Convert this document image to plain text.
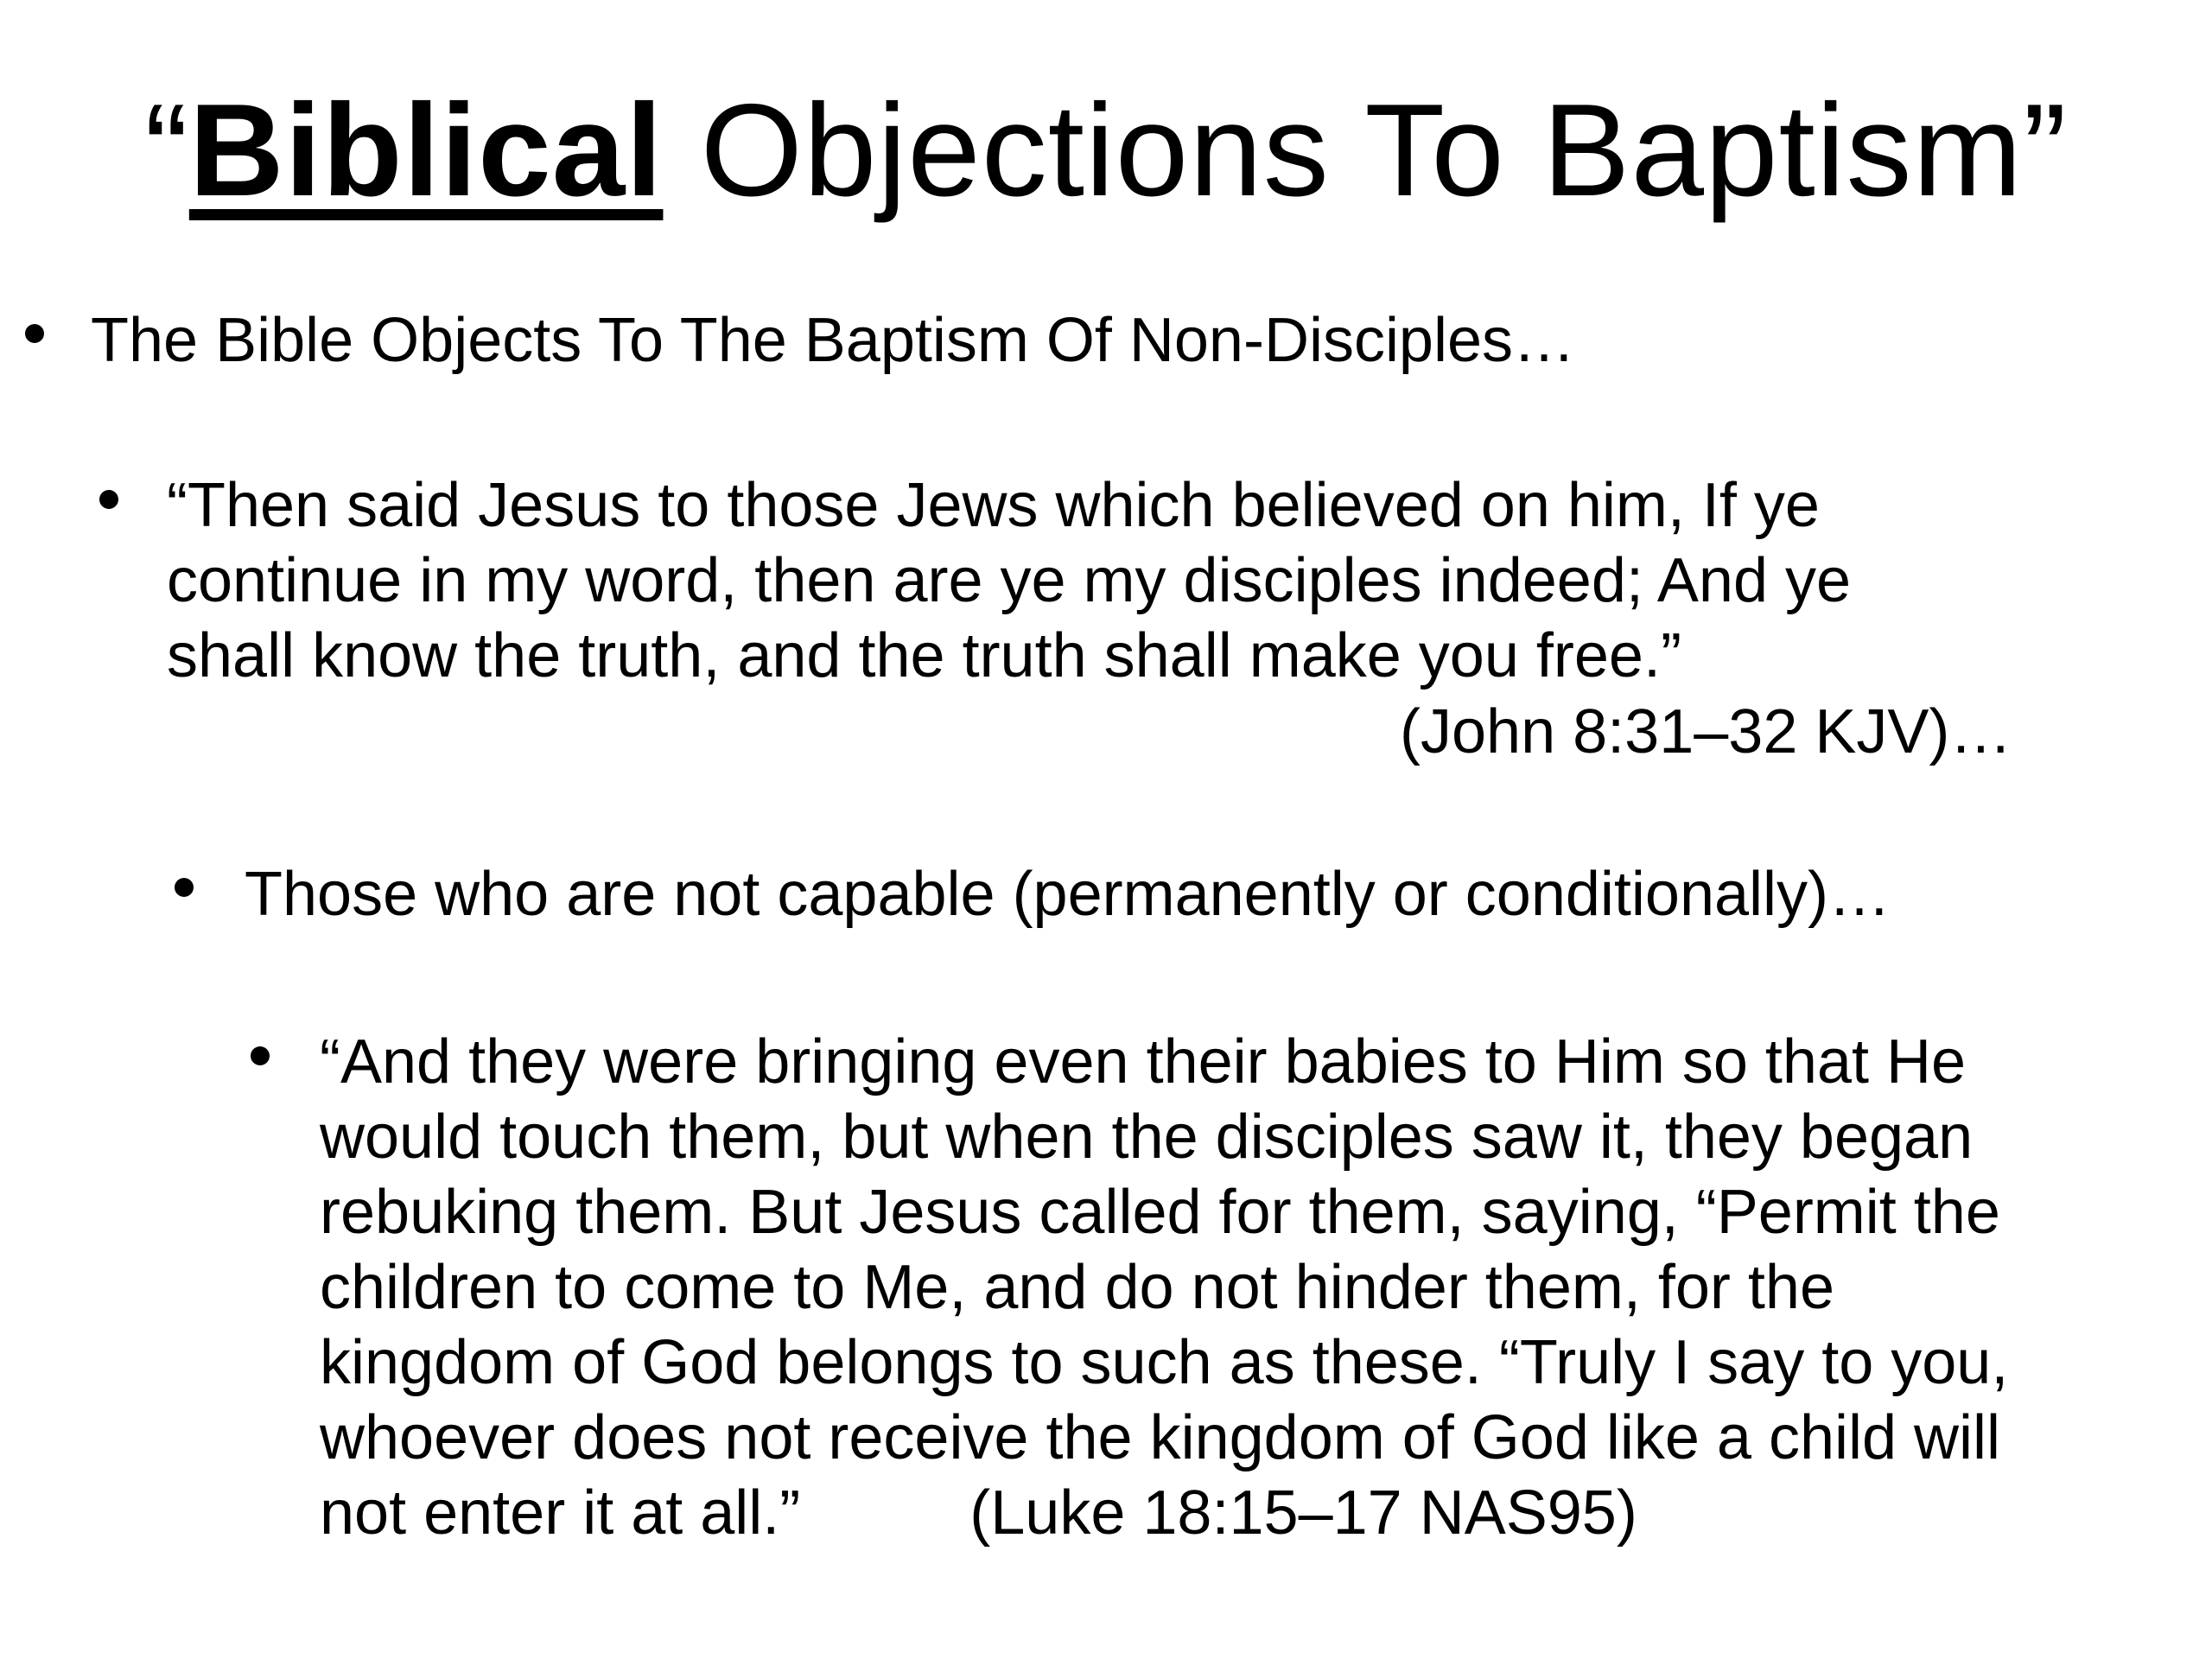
“Biblical Objections To Baptism”
The Bible Objects To The Baptism Of Non-Disciples…
“Then said Jesus to those Jews which believed on him, If ye
continue in my word, then are ye my disciples indeed; And ye
shall know the truth, and the truth shall make you free.”
(John 8:31–32 KJV)…
Those who are not capable (permanently or conditionally)…
“And they were bringing even their babies to Him so that He
would touch them, but when the disciples saw it, they began
rebuking them. But Jesus called for them, saying, “Permit the
children to come to Me, and do not hinder them, for the
kingdom of God belongs to such as these. “Truly I say to you,
whoever does not receive the kingdom of God like a child will
not enter it at all.”	(Luke 18:15–17 NAS95)
